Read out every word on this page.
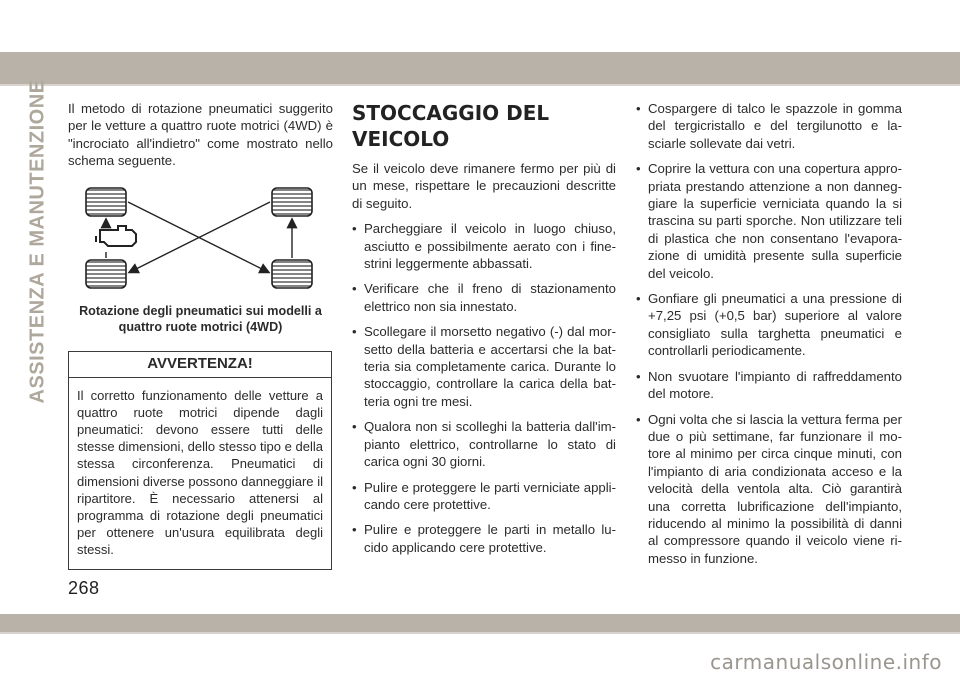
ASSISTENZA E MANUTENZIONE Il metodo di rotazione pneumatici suggerito per le vetture a quattro ruote motrici (4WD) è "incrociato all'indietro" come mostrato nello schema seguente.

Rotazione degli pneumatici sui modelli a
quattro ruote motrici (4WD)
AVVERTENZA!

Il corretto funzionamento delle vetture a quattro ruote motrici dipende dagli pneumatici: devono essere tutti delle stesse dimensioni, dello stesso tipo e della stessa circonferenza. Pneumatici di dimensioni diverse possono danneggiare il ripartitore. È necessario attenersi al programma di rotazione degli pneumatici per ottenere un'usura equilibrata degli stessi.

STOCCAGGIO DEL
VEICOLO

Se il veicolo deve rimanere fermo per più di un mese, rispettare le precauzioni descritte di seguito.

• Parcheggiare il veicolo in luogo chiuso, asciutto e possibilmente aerato con i fine-strini leggermente abbassati.
• Verificare che il freno di stazionamento elettrico non sia innestato.
• Scollegare il morsetto negativo (-) dal mor-setto della batteria e accertarsi che la bat-teria sia completamente carica. Durante lo stoccaggio, controllare la carica della bat-teria ogni tre mesi.
• Qualora non si scolleghi la batteria dall'im-pianto elettrico, controllarne lo stato di carica ogni 30 giorni.
• Pulire e proteggere le parti verniciate appli-cando cere protettive.
• Pulire e proteggere le parti in metallo lu-cido applicando cere protettive.
• Cospargere di talco le spazzole in gomma del tergicristallo e del tergilunotto e la-sciarle sollevate dai vetri.
• Coprire la vettura con una copertura appro-priata prestando attenzione a non danneg-giare la superficie verniciata quando la si trascina su parti sporche. Non utilizzare teli di plastica che non consentano l'evapora-zione di umidità presente sulla superficie del veicolo.
• Gonfiare gli pneumatici a una pressione di +7,25 psi (+0,5 bar) superiore al valore consigliato sulla targhetta pneumatici e controllarli periodicamente.
• Non svuotare l'impianto di raffreddamento del motore.
• Ogni volta che si lascia la vettura ferma per due o più settimane, far funzionare il mo-tore al minimo per circa cinque minuti, con l'impianto di aria condizionata acceso e la velocità della ventola alta. Ciò garantirà una corretta lubrificazione dell'impianto, riducendo al minimo la possibilità di danni al compressore quando il veicolo viene ri-messo in funzione.
268
carmanualsonline.info
